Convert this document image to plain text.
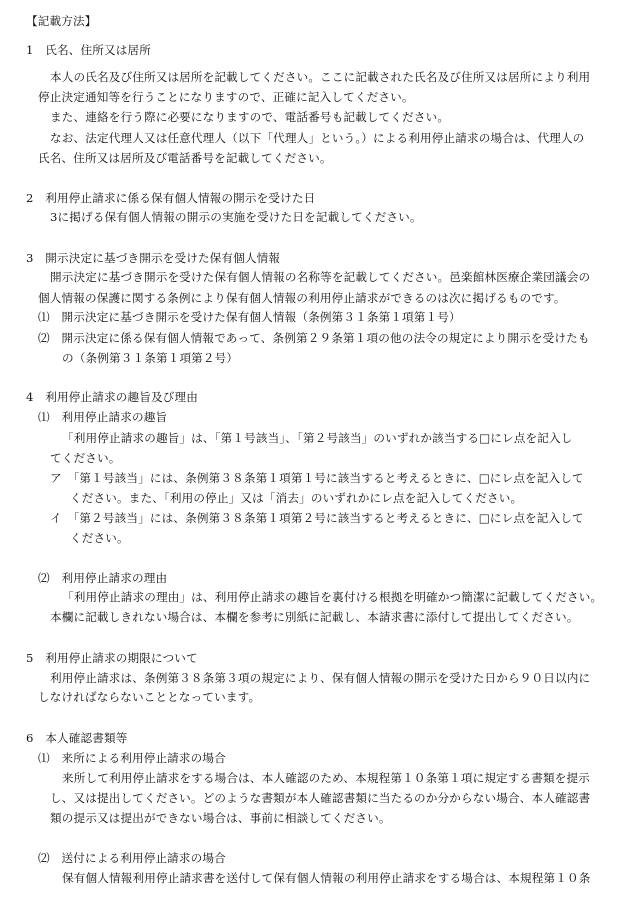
【記載方法】
1　氏名、住所又は居所
本人の氏名及び住所又は居所を記載してください。ここに記載された氏名及び住所又は居所により利用
停止決定通知等を行うことになりますので、正確に記入してください。
また、連絡を行う際に必要になりますので、電話番号も記載してください。
なお、法定代理人又は任意代理人（以下「代理人」という。）による利用停止請求の場合は、代理人の
氏名、住所又は居所及び電話番号を記載してください。
2　利用停止請求に係る保有個人情報の開示を受けた日
3に掲げる保有個人情報の開示の実施を受けた日を記載してください。
3　開示決定に基づき開示を受けた保有個人情報
開示決定に基づき開示を受けた保有個人情報の名称等を記載してください。邑楽館林医療企業団議会の
個人情報の保護に関する条例により保有個人情報の利用停止請求ができるのは次に掲げるものです。
⑴　開示決定に基づき開示を受けた保有個人情報（条例第３１条第１項第１号）
⑵　開示決定に係る保有個人情報であって、条例第２９条第１項の他の法令の規定により開示を受けたも
の（条例第３１条第１項第２号）
4　利用停止請求の趣旨及び理由
⑴　利用停止請求の趣旨
「利用停止請求の趣旨」は、「第１号該当」、「第２号該当」のいずれか該当する□にレ点を記入し
てください。
ア　「第１号該当」には、条例第３８条第１項第１号に該当すると考えるときに、□にレ点を記入して
ください。また、「利用の停止」又は「消去」のいずれかにレ点を記入してください。
イ　「第２号該当」には、条例第３８条第１項第２号に該当すると考えるときに、□にレ点を記入して
ください。
⑵　利用停止請求の理由
「利用停止請求の理由」は、利用停止請求の趣旨を裏付ける根拠を明確かつ簡潔に記載してください。
本欄に記載しきれない場合は、本欄を参考に別紙に記載し、本請求書に添付して提出してください。
5　利用停止請求の期限について
利用停止請求は、条例第３８条第３項の規定により、保有個人情報の開示を受けた日から９０日以内に
しなければならないこととなっています。
6　本人確認書類等
⑴　来所による利用停止請求の場合
来所して利用停止請求をする場合は、本人確認のため、本規程第１０条第１項に規定する書類を提示
し、又は提出してください。どのような書類が本人確認書類に当たるのか分からない場合、本人確認書
類の提示又は提出ができない場合は、事前に相談してください。
⑵　送付による利用停止請求の場合
保有個人情報利用停止請求書を送付して保有個人情報の利用停止請求をする場合は、本規程第１０条
